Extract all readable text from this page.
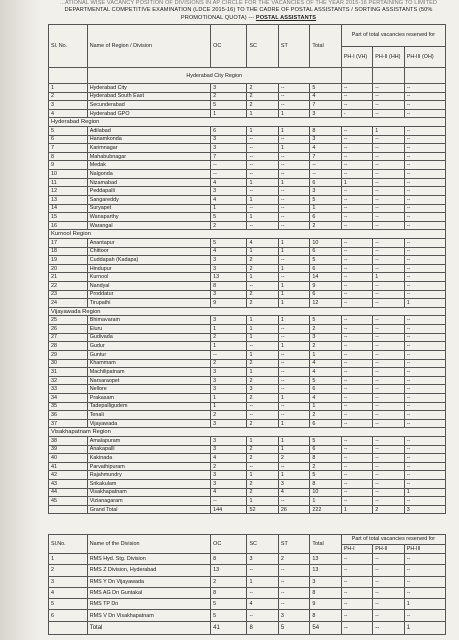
...ATIONAL WISE VACANCY POSITION OF DIVISIONS IN AP CIRCLE FOR THE VACANCIES OF THE YEAR 2015-16 PERTAINING TO LIMITED
DEPARTMENTAL COMPETITIVE EXAMINATION (LDCE 2015-16) TO THE CADRE OF POSTAL ASSISTANTS / SORTING ASSISTANTS (50%
PROMOTIONAL QUOTA) --- POSTAL ASSISTANTS
Sl. No.	Name of Region / Division	OC	SC	ST	Total	Part of total vacancies reserved for		
						PH-I (VH)	PH-II (HH)	PH-III (OH)
	Hyderabad City Region							
1	Hyderabad City	3	2	--	5	--	--	--
2	Hyderabad South East	2	2	--	4	--	--	--
3	Secunderabad	5	2	--	7	--	--	--
4	Hyderabad GPO	1	1	1	3	-	--	--
Hyderabad Region								
5	Adilabad	6	1	1	8	--	1	--
6	Hanamkonda	3	--	--	3	--	--	--
7	Karimnagar	3	--	1	4	--	--	--
8	Mahabubnagar	7	--	--	7	--	--	--
9	Medak	--	--	--	--	--	--	--
10	Nalgonda	--	--	--	--	--	--	--
11	Nizamabad	4	1	1	6	1	--	--
12	Peddapalli	3	--	--	3	--	--	--
13	Sangareddy	4	1	--	5	--	--	--
14	Suryapet	1	--	--	1	--	--	--
15	Wanaparthy	5	1	--	6	--	--	--
16	Warangal	2	--	--	2	--	--	--
Kurnool Region								
17	Anantapur	5	4	1	10	--	--	--
18	Chittoor	4	1	1	6	--	--	--
19	Cuddapah (Kadapa)	3	2	--	5	--	--	--
20	Hindupur	3	2	1	6	--	--	--
21	Kurnool	13	1	--	14	--	1	--
22	Nandyal	8	--	1	9	--	--	--
23	Proddatur	3	2	1	6	--	--	--
24	Tirupathi	9	2	1	12	--	--	1
Vijayawada Region								
25	Bhimavaram	3	1	1	5	--	--	--
26	Eluru	1	1	--	2	--	--	--
27	Gudivada	2	1	--	3	--	--	--
28	Gudur	1	--	1	2	--	--	--
29	Guntur	--	1	--	1	--	--	--
30	Khammam	2	2	--	4	--	--	--
31	Machilipatnam	3	1	--	4	--	--	--
32	Narsaraopet	3	2	--	5	--	--	--
33	Nellore	3	3	--	6	--	--	--
34	Prakasam	1	2	1	4	--	--	--
35	Tadepalligudem	1	--	--	1	--	--	--
36	Tenali	2	--	--	2	--	--	--
37	Vijayawada	3	2	1	6	--	--	--
Visakhapatnam Region								
38	Amalapuram	3	1	1	5	--	--	--
39	Anakapalli	3	2	1	6	--	--	--
40	Kakinada	4	2	2	8	--	--	--
41	Parvathipuram	2	--	--	2	--	--	--
42	Rajahmundry	3	1	1	5	--	--	--
43	Srikakulam	3	2	3	8	--	--	--
44	Visakhapatnam	4	2	4	10	--	--	1
45	Vizianagaram	--	1	--	1	--	--	--
	Grand Total	144	52	26	222	1	2	3
Sl.No.	Name of the Division	OC	SC	ST	Total	Part of total vacancies reserved for		
						PH-I	PH-II	PH-III
1	RMS Hyd. Stg. Division	8	3	2	13	--	--	--
2	RMS Z Division, Hyderabad	13	--	--	13	--	--	--
3	RMS Y Dn Vijayawada	2	1	--	3	--	--	--
4	RMS AG Dn Guntakal	8	--	--	8	--	--	--
5	RMS TP Dn	5	4	--	9	--	--	1
6	RMS V Dn Visakhapatnam	5	--	3	8	--	--	--
	Total	41	8	5	54	--	--	1
